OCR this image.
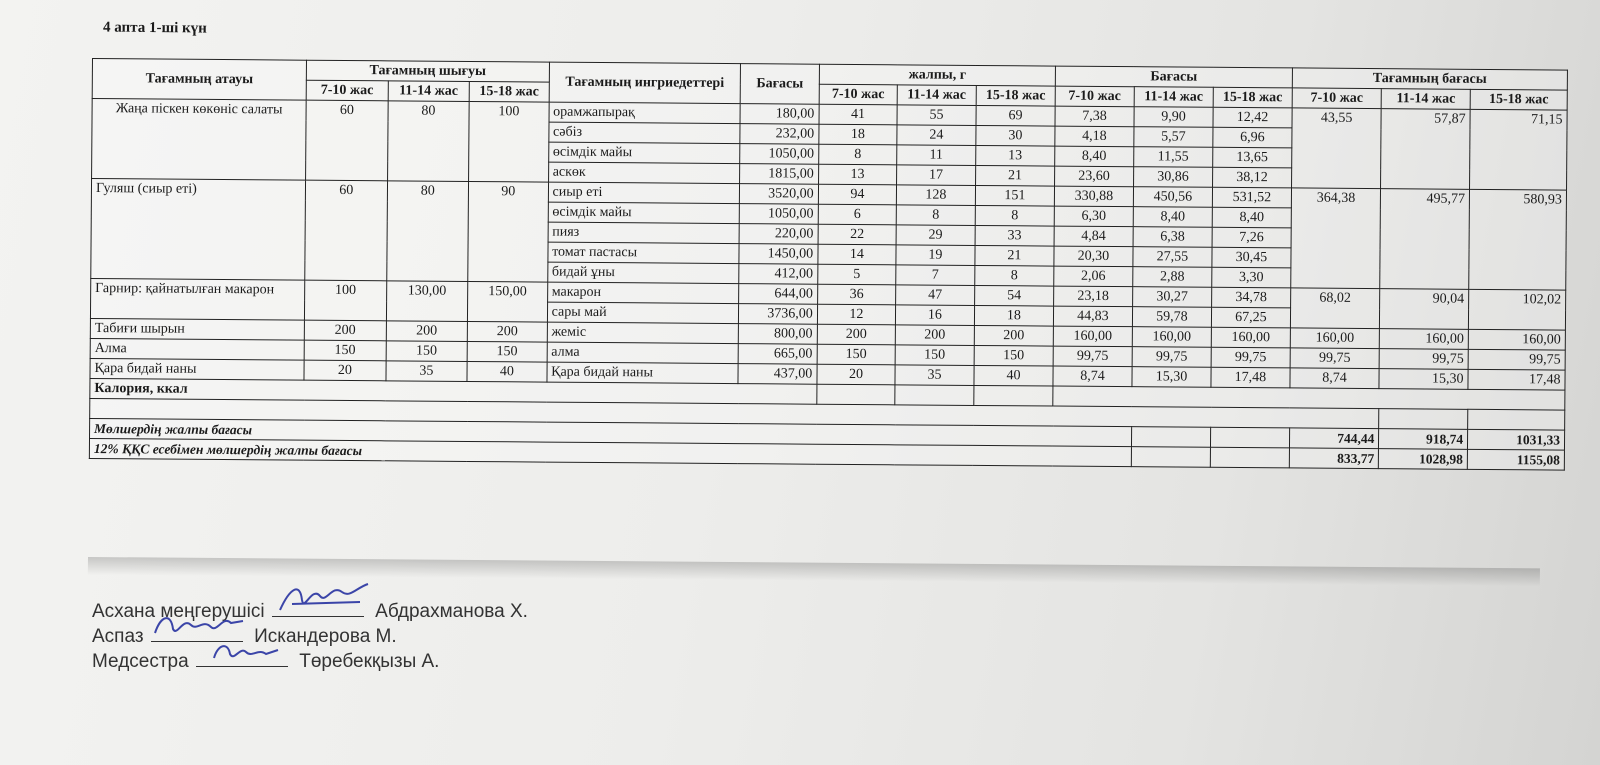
4 апта 1-ші күн
Тағамның атауы	Тағамның шығуы			Тағамның ингриедеттері	Бағасы	жалпы, г			Бағасы			Тағамның бағасы		
	7-10 жас	11-14 жас	15-18 жас			7-10 жас	11-14 жас	15-18 жас	7-10 жас	11-14 жас	15-18 жас	7-10 жас	11-14 жас	15-18 жас
Жаңа піскен көкөніс салаты	60	80	100	орамжапырақ	180,00	41	55	69	7,38	9,90	12,42	43,55	57,87	71,15
				сәбіз	232,00	18	24	30	4,18	5,57	6,96			
				өсімдік майы	1050,00	8	11	13	8,40	11,55	13,65			
				аскөк	1815,00	13	17	21	23,60	30,86	38,12			
Гуляш (сиыр еті)	60	80	90	сиыр еті	3520,00	94	128	151	330,88	450,56	531,52	364,38	495,77	580,93
				өсімдік майы	1050,00	6	8	8	6,30	8,40	8,40			
				пияз	220,00	22	29	33	4,84	6,38	7,26			
				томат пастасы	1450,00	14	19	21	20,30	27,55	30,45			
				бидай ұны	412,00	5	7	8	2,06	2,88	3,30			
Гарнир: қайнатылған макарон	100	130,00	150,00	макарон	644,00	36	47	54	23,18	30,27	34,78	68,02	90,04	102,02
				сары май	3736,00	12	16	18	44,83	59,78	67,25			
Табиғи шырын	200	200	200	жеміс	800,00	200	200	200	160,00	160,00	160,00	160,00	160,00	160,00
Алма	150	150	150	алма	665,00	150	150	150	99,75	99,75	99,75	99,75	99,75	99,75
Қара бидай наны	20	35	40	Қара бидай наны	437,00	20	35	40	8,74	15,30	17,48	8,74	15,30	17,48
Калория, ккал														

Мөлшердің жалпы бағасы												744,44	918,74	1031,33
12% ҚҚС есебімен мөлшердің жалпы бағасы												833,77	1028,98	1155,08
Асхана меңгерушісі	Абдрахманова Х.
Аспаз	Искандерова М.
Медсестра	Төребекқызы А.
